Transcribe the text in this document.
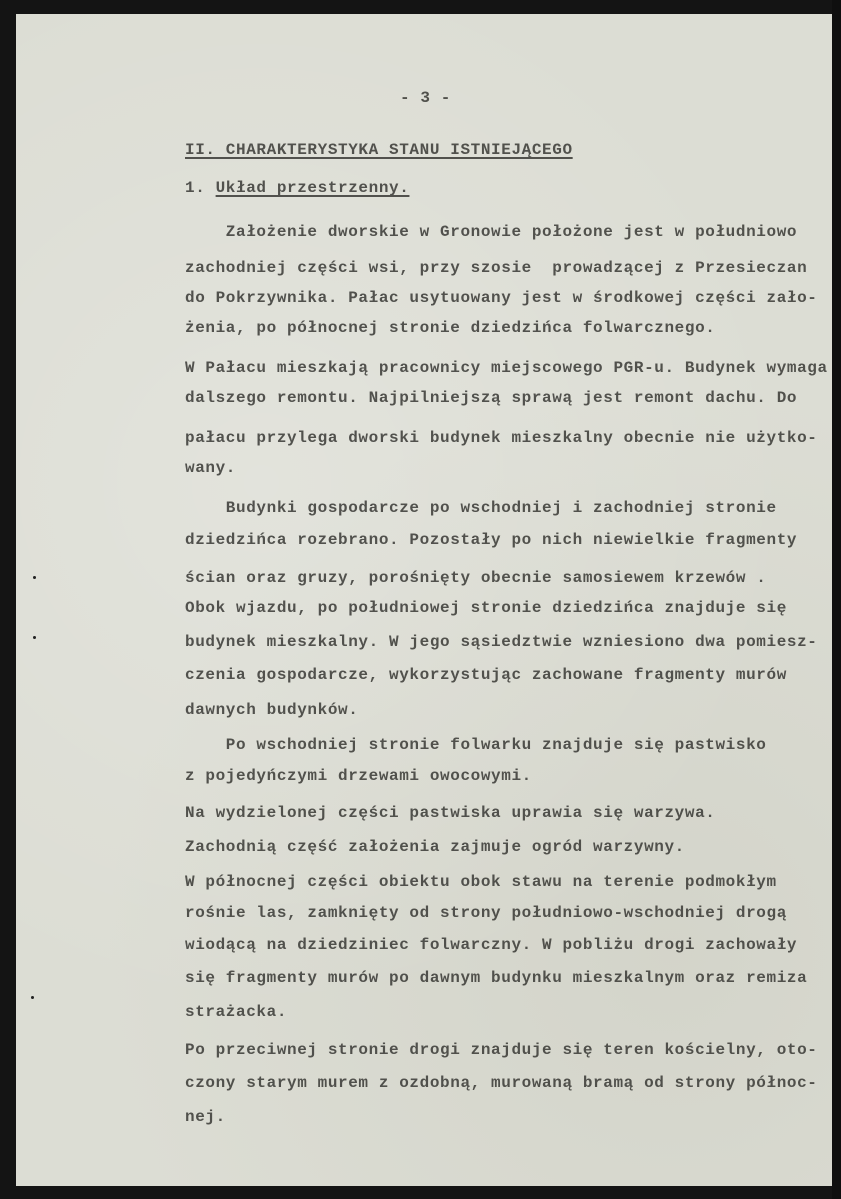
- 3 -
II. CHARAKTERYSTYKA STANU ISTNIEJĄCEGO
1. Układ przestrzenny.
Założenie dworskie w Gronowie położone jest w południowo
zachodniej części wsi, przy szosie  prowadzącej z Przesieczan
do Pokrzywnika. Pałac usytuowany jest w środkowej części zało-
żenia, po północnej stronie dziedzińca folwarcznego.
W Pałacu mieszkają pracownicy miejscowego PGR-u. Budynek wymaga
dalszego remontu. Najpilniejszą sprawą jest remont dachu. Do
pałacu przylega dworski budynek mieszkalny obecnie nie użytko-
wany.
Budynki gospodarcze po wschodniej i zachodniej stronie
dziedzińca rozebrano. Pozostały po nich niewielkie fragmenty
ścian oraz gruzy, porośnięty obecnie samosiewem krzewów .
Obok wjazdu, po południowej stronie dziedzińca znajduje się
budynek mieszkalny. W jego sąsiedztwie wzniesiono dwa pomiesz-
czenia gospodarcze, wykorzystując zachowane fragmenty murów
dawnych budynków.
Po wschodniej stronie folwarku znajduje się pastwisko
z pojedyńczymi drzewami owocowymi.
Na wydzielonej części pastwiska uprawia się warzywa.
Zachodnią część założenia zajmuje ogród warzywny.
W północnej części obiektu obok stawu na terenie podmokłym
rośnie las, zamknięty od strony południowo-wschodniej drogą
wiodącą na dziedziniec folwarczny. W pobliżu drogi zachowały
się fragmenty murów po dawnym budynku mieszkalnym oraz remiza
strażacka.
Po przeciwnej stronie drogi znajduje się teren kościelny, oto-
czony starym murem z ozdobną, murowaną bramą od strony północ-
nej.
